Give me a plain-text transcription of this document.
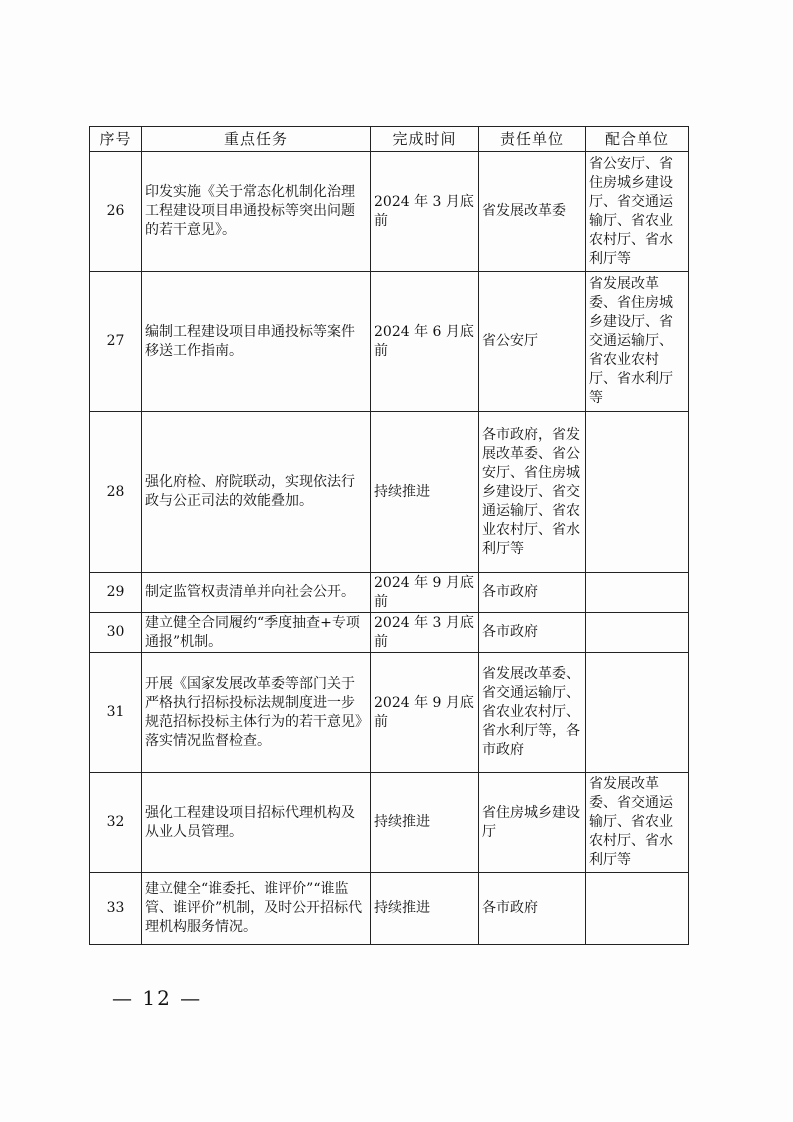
序号	重点任务	完成时间	责任单位	配合单位
26	印发实施《关于常态化机制化治理工程建设项目串通投标等突出问题的若干意见》。	2024 年 3 月底前	省发展改革委	省公安厅、省住房城乡建设厅、省交通运输厅、省农业农村厅、省水利厅等
27	编制工程建设项目串通投标等案件移送工作指南。	2024 年 6 月底前	省公安厅	省发展改革委、省住房城乡建设厅、省交通运输厅、省农业农村厅、省水利厅等
28	强化府检、府院联动，实现依法行政与公正司法的效能叠加。	持续推进	各市政府，省发展改革委、省公安厅、省住房城乡建设厅、省交通运输厅、省农业农村厅、省水利厅等	
29	制定监管权责清单并向社会公开。	2024 年 9 月底前	各市政府	
30	建立健全合同履约“季度抽查+专项通报”机制。	2024 年 3 月底前	各市政府	
31	开展《国家发展改革委等部门关于严格执行招标投标法规制度进一步规范招标投标主体行为的若干意见》落实情况监督检查。	2024 年 9 月底前	省发展改革委、省交通运输厅、省农业农村厅、省水利厅等，各市政府	
32	强化工程建设项目招标代理机构及从业人员管理。	持续推进	省住房城乡建设厅	省发展改革委、省交通运输厅、省农业农村厅、省水利厅等
33	建立健全“谁委托、谁评价”“谁监管、谁评价”机制，及时公开招标代理机构服务情况。	持续推进	各市政府	
— 12 —
